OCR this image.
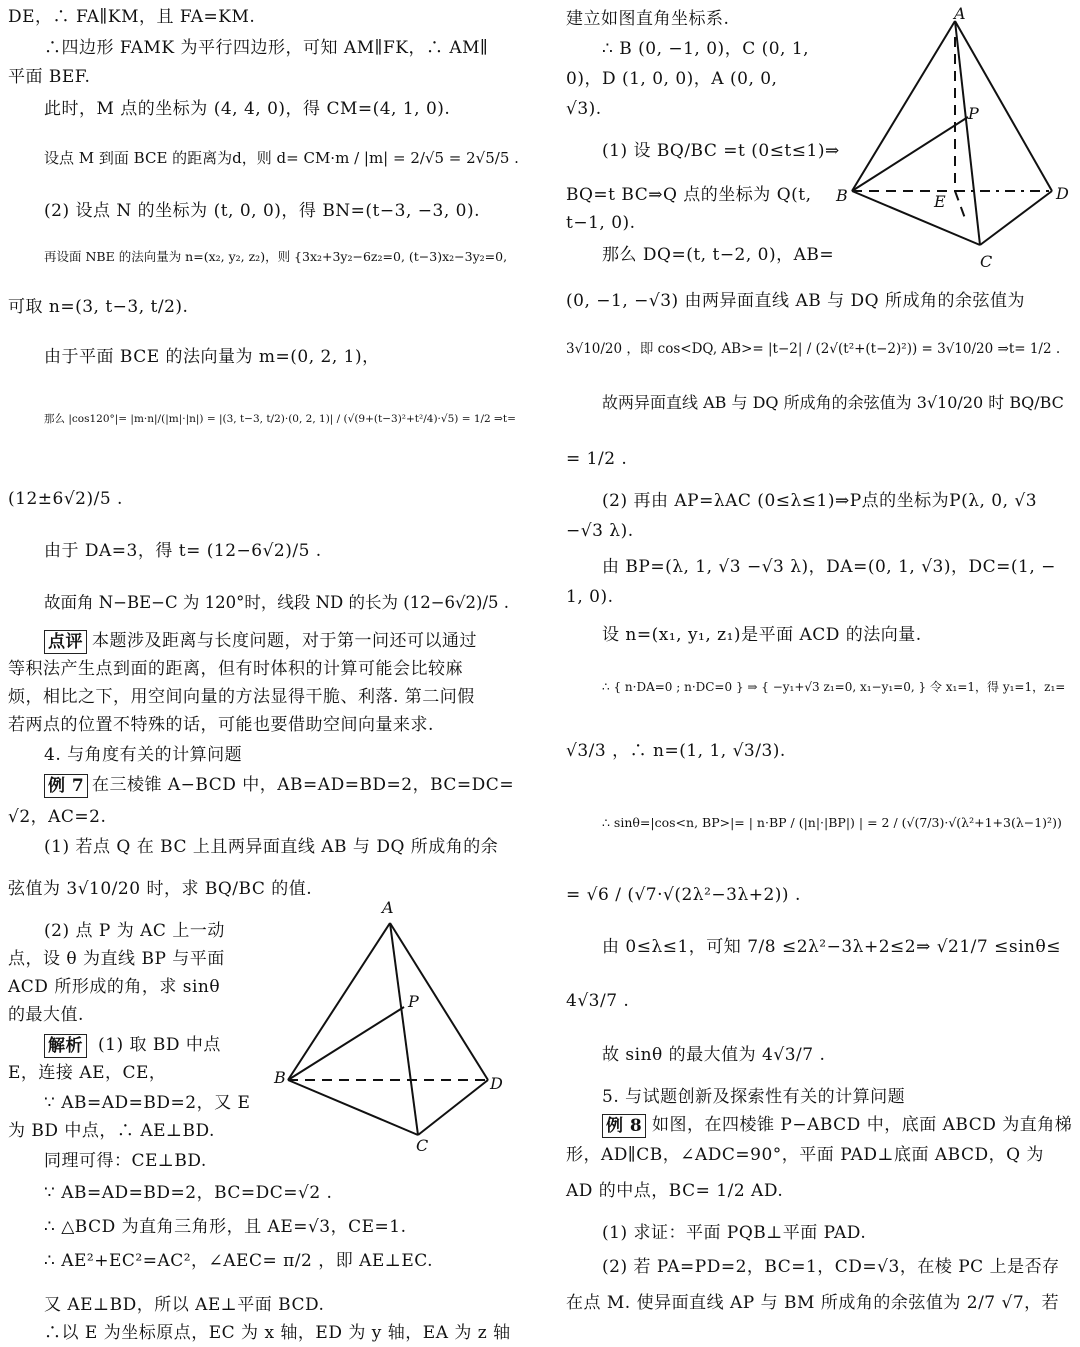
DE，∴ FA∥KM，且 FA=KM.
∴四边形 FAMK 为平行四边形，可知 AM∥FK，∴ AM∥
平面 BEF.
此时，M 点的坐标为 (4, 4, 0)，得 CM=(4, 1, 0).
设点 M 到面 BCE 的距离为d，则 d= CM·m / |m| = 2/√5 = 2√5/5 .
(2) 设点 N 的坐标为 (t, 0, 0)，得 BN=(t−3, −3, 0).
再设面 NBE 的法向量为 n=(x₂, y₂, z₂)，则 {3x₂+3y₂−6z₂=0, (t−3)x₂−3y₂=0,
可取 n=(3, t−3, t/2).
由于平面 BCE 的法向量为 m=(0, 2, 1)，
那么 |cos120°|= |m·n|/(|m|·|n|) = |(3, t−3, t/2)·(0, 2, 1)| / (√(9+(t−3)²+t²/4)·√5) = 1/2 ⇒t=
(12±6√2)/5 .
由于 DA=3，得 t= (12−6√2)/5 .
故面角 N−BE−C 为 120°时，线段 ND 的长为 (12−6√2)/5 .
点评 本题涉及距离与长度问题，对于第一问还可以通过
等积法产生点到面的距离，但有时体积的计算可能会比较麻
烦，相比之下，用空间向量的方法显得干脆、利落. 第二问假
若两点的位置不特殊的话，可能也要借助空间向量来求.
4. 与角度有关的计算问题
例 7 在三棱锥 A−BCD 中，AB=AD=BD=2，BC=DC=
√2，AC=2.
(1) 若点 Q 在 BC 上且两异面直线 AB 与 DQ 所成角的余
弦值为 3√10/20 时，求 BQ/BC 的值.
(2) 点 P 为 AC 上一动
点，设 θ 为直线 BP 与平面
ACD 所形成的角，求 sinθ
的最大值.
解析 (1) 取 BD 中点
E，连接 AE，CE，
∵ AB=AD=BD=2，又 E
为 BD 中点，∴ AE⊥BD.
同理可得：CE⊥BD.
∵ AB=AD=BD=2，BC=DC=√2 .
∴ △BCD 为直角三角形，且 AE=√3，CE=1.
∴ AE²+EC²=AC²，∠AEC= π/2 ，即 AE⊥EC.
又 AE⊥BD，所以 AE⊥平面 BCD.
∴以 E 为坐标原点，EC 为 x 轴，ED 为 y 轴，EA 为 z 轴
建立如图直角坐标系.
∴ B (0, −1, 0)，C (0, 1,
0)，D (1, 0, 0)，A (0, 0,
√3).
(1) 设 BQ/BC =t (0≤t≤1)⇒
BQ=t BC⇒Q 点的坐标为 Q(t,
t−1, 0).
那么 DQ=(t, t−2, 0)，AB=
(0, −1, −√3) 由两异面直线 AB 与 DQ 所成角的余弦值为
3√10/20 ，即 cos<DQ, AB>= |t−2| / (2√(t²+(t−2)²)) = 3√10/20 ⇒t= 1/2 .
故两异面直线 AB 与 DQ 所成角的余弦值为 3√10/20 时 BQ/BC
= 1/2 .
(2) 再由 AP=λAC (0≤λ≤1)⇒P点的坐标为P(λ, 0, √3
−√3 λ).
由 BP=(λ, 1, √3 −√3 λ)，DA=(0, 1, √3)，DC=(1, −
1, 0).
设 n=(x₁, y₁, z₁)是平面 ACD 的法向量.
∴ { n·DA=0 ; n·DC=0 } ⇒ { −y₁+√3 z₁=0, x₁−y₁=0, } 令 x₁=1，得 y₁=1，z₁=
√3/3 ，∴ n=(1, 1, √3/3).
∴ sinθ=|cos<n, BP>|= | n·BP / (|n|·|BP|) | = 2 / (√(7/3)·√(λ²+1+3(λ−1)²))
= √6 / (√7·√(2λ²−3λ+2)) .
由 0≤λ≤1，可知 7/8 ≤2λ²−3λ+2≤2⇒ √21/7 ≤sinθ≤
4√3/7 .
故 sinθ 的最大值为 4√3/7 .
5. 与试题创新及探索性有关的计算问题
例 8 如图，在四棱锥 P−ABCD 中，底面 ABCD 为直角梯
形，AD∥CB，∠ADC=90°，平面 PAD⊥底面 ABCD，Q 为
AD 的中点，BC= 1/2 AD.
(1) 求证：平面 PQB⊥平面 PAD.
(2) 若 PA=PD=2，BC=1，CD=√3，在棱 PC 上是否存
在点 M. 使异面直线 AP 与 BM 所成角的余弦值为 2/7 √7，若
A
B
C
D
P
A
B
C
D
P
E
